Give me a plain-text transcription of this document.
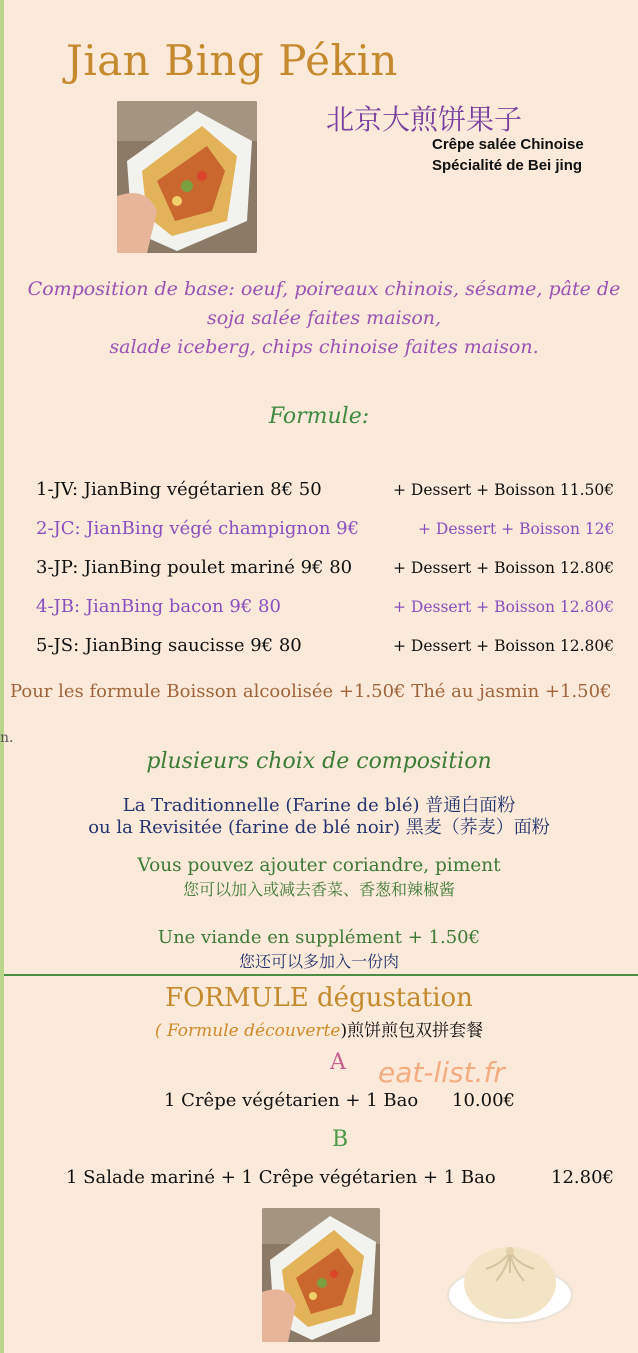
Jian Bing Pékin
北京大煎饼果子
Crêpe salée Chinoise
Spécialité de Bei jing
Composition de base: oeuf, poireaux chinois, sésame, pâte de
soja salée faites maison,
salade iceberg, chips chinoise faites maison.
Formule:
1-JV: JianBing végétarien 8€ 50	+ Dessert + Boisson 11.50€
2-JC: JianBing végé champignon 9€	+ Dessert + Boisson 12€
3-JP: JianBing poulet mariné 9€ 80	+ Dessert + Boisson 12.80€
4-JB: JianBing bacon 9€ 80	+ Dessert + Boisson 12.80€
5-JS: JianBing saucisse 9€ 80	+ Dessert + Boisson 12.80€
Pour les formule Boisson alcoolisée +1.50€ Thé au jasmin +1.50€
n.
plusieurs choix de composition
La Traditionnelle (Farine de blé) 普通白面粉
ou la Revisitée (farine de blé noir) 黑麦（荞麦）面粉
Vous pouvez ajouter coriandre, piment
您可以加入或减去香菜、香葱和辣椒酱
Une viande en supplément + 1.50€
您还可以多加入一份肉
FORMULE dégustation
( Formule découverte)煎饼煎包双拼套餐
A eat-list.fr
1 Crêpe végétarien + 1 Bao 10.00€
B
1 Salade mariné + 1 Crêpe végétarien + 1 Bao	12.80€
